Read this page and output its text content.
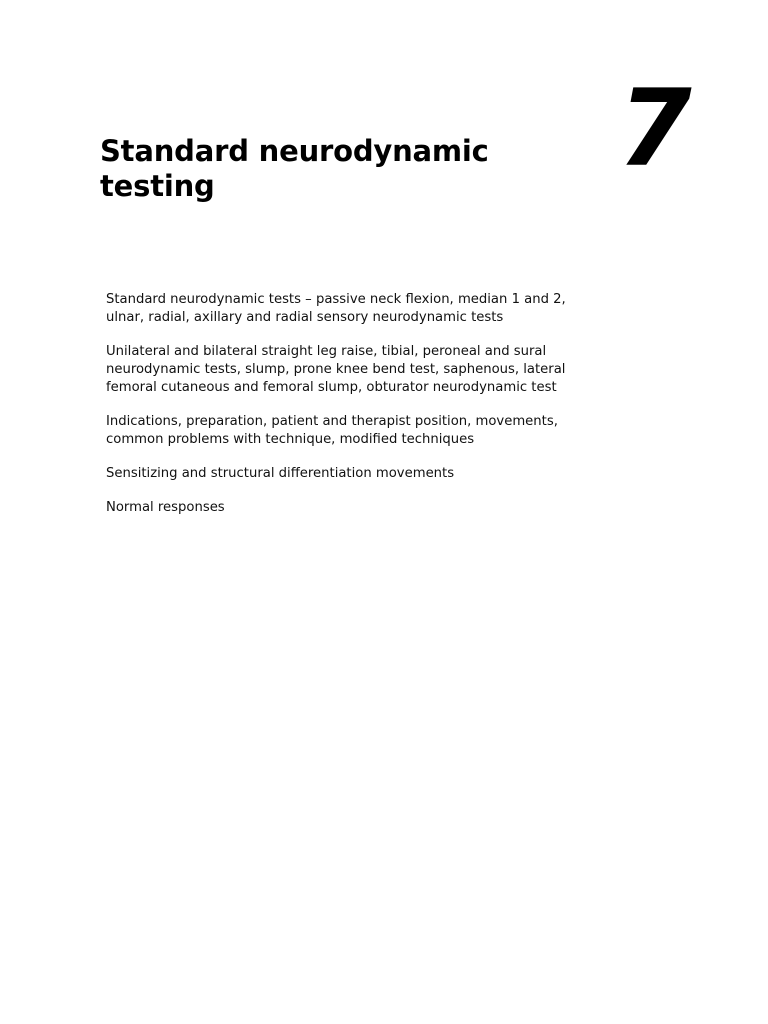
7
Standard neurodynamic
testing
Standard neurodynamic tests – passive neck flexion, median 1 and 2, ulnar, radial, axillary and radial sensory neurodynamic tests
Unilateral and bilateral straight leg raise, tibial, peroneal and sural neurodynamic tests, slump, prone knee bend test, saphenous, lateral femoral cutaneous and femoral slump, obturator neurodynamic test
Indications, preparation, patient and therapist position, movements, common problems with technique, modified techniques
Sensitizing and structural differentiation movements
Normal responses
